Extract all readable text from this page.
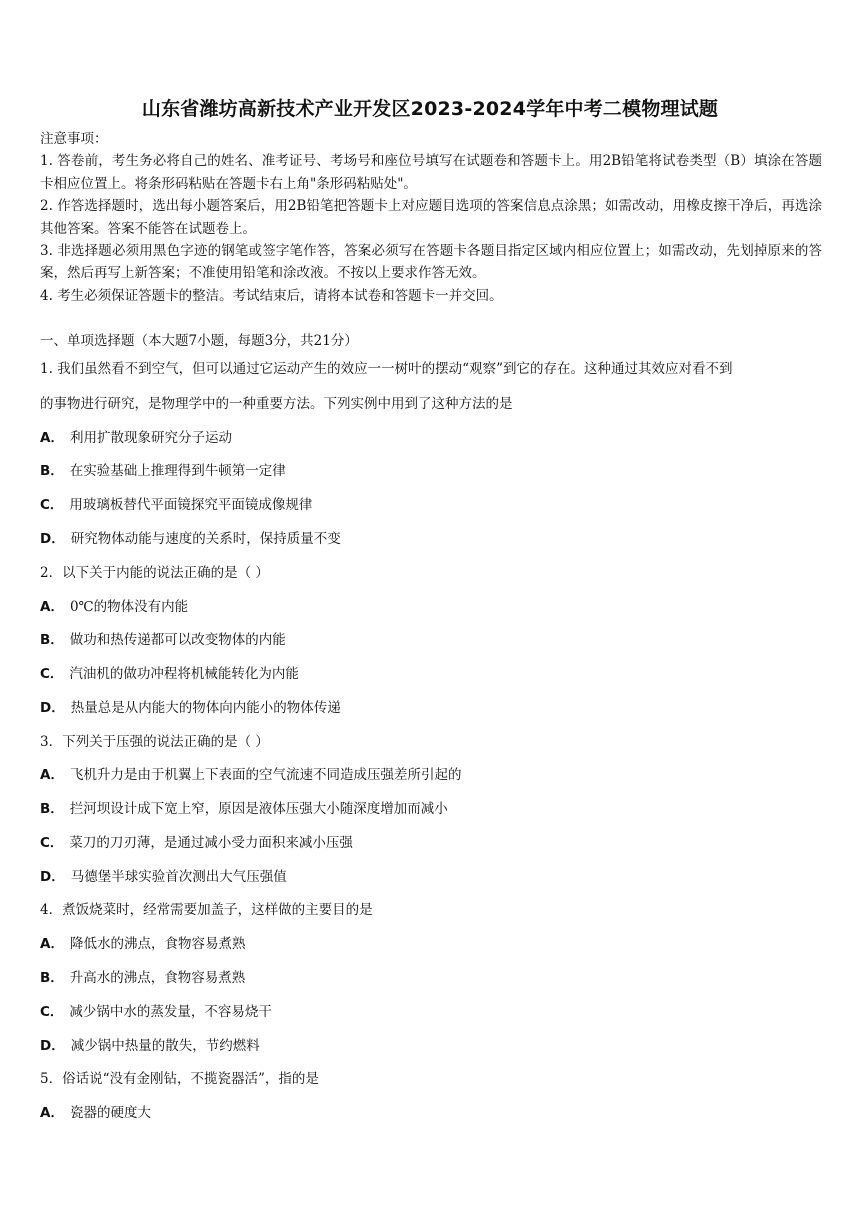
山东省潍坊高新技术产业开发区2023-2024学年中考二模物理试题

注意事项：

1. 答卷前，考生务必将自己的姓名、准考证号、考场号和座位号填写在试题卷和答题卡上。用2B铅笔将试卷类型（B）填涂在答题卡相应位置上。将条形码粘贴在答题卡右上角"条形码粘贴处"。

2. 作答选择题时，选出每小题答案后，用2B铅笔把答题卡上对应题目选项的答案信息点涂黑；如需改动，用橡皮擦干净后，再选涂其他答案。答案不能答在试题卷上。

3. 非选择题必须用黑色字迹的钢笔或签字笔作答，答案必须写在答题卡各题目指定区域内相应位置上；如需改动，先划掉原来的答案，然后再写上新答案；不准使用铅笔和涂改液。不按以上要求作答无效。

4. 考生必须保证答题卡的整洁。考试结束后，请将本试卷和答题卡一并交回。

一、单项选择题（本大题7小题，每题3分，共21分）
1. 我们虽然看不到空气，但可以通过它运动产生的效应一一树叶的摆动“观察”到它的存在。这种通过其效应对看不到
的事物进行研究，是物理学中的一种重要方法。下列实例中用到了这种方法的是
A． 利用扩散现象研究分子运动
B． 在实验基础上推理得到牛顿第一定律
C． 用玻璃板替代平面镜探究平面镜成像规律
D． 研究物体动能与速度的关系时，保持质量不变
2．以下关于内能的说法正确的是（ ）
A． 0℃的物体没有内能
B． 做功和热传递都可以改变物体的内能
C． 汽油机的做功冲程将机械能转化为内能
D． 热量总是从内能大的物体向内能小的物体传递
3．下列关于压强的说法正确的是（ ）
A． 飞机升力是由于机翼上下表面的空气流速不同造成压强差所引起的
B． 拦河坝设计成下宽上窄，原因是液体压强大小随深度增加而减小
C． 菜刀的刀刃薄，是通过减小受力面积来减小压强
D． 马德堡半球实验首次测出大气压强值
4．煮饭烧菜时，经常需要加盖子，这样做的主要目的是
A． 降低水的沸点，食物容易煮熟
B． 升高水的沸点，食物容易煮熟
C． 减少锅中水的蒸发量，不容易烧干
D． 减少锅中热量的散失，节约燃料
5．俗话说“没有金刚钻，不揽瓷器活”，指的是
A． 瓷器的硬度大
